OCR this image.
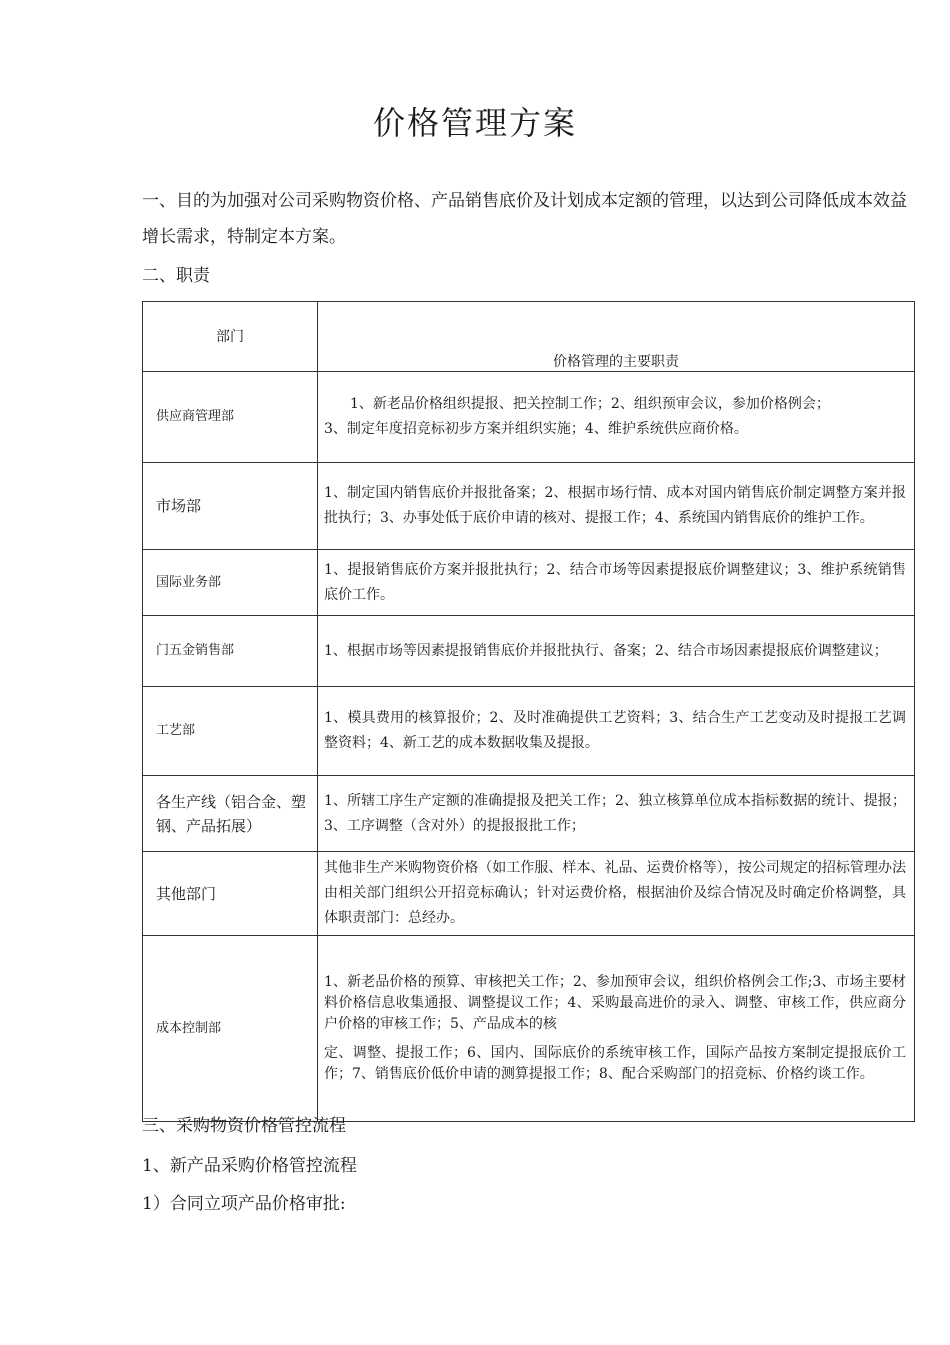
价格管理方案
一、目的为加强对公司采购物资价格、产品销售底价及计划成本定额的管理，以达到公司降低成本效益增长需求，特制定本方案。
二、职责
部门	价格管理的主要职责
供应商管理部	1、新老品价格组织提报、把关控制工作；2、组织预审会议，参加价格例会；
3、制定年度招竞标初步方案并组织实施；4、维护系统供应商价格。

市场部	1、制定国内销售底价并报批备案；2、根据市场行情、成本对国内销售底价制定调整方案并报批执行；3、办事处低于底价申请的核对、提报工作；4、系统国内销售底价的维护工作。
国际业务部	1、提报销售底价方案并报批执行；2、结合市场等因素提报底价调整建议；3、维护系统销售底价工作。
门五金销售部	1、根据市场等因素提报销售底价并报批执行、备案；2、结合市场因素提报底价调整建议；
工艺部	1、模具费用的核算报价；2、及时准确提供工艺资料；3、结合生产工艺变动及时提报工艺调整资料；4、新工艺的成本数据收集及提报。
各生产线（铝合金、塑钢、产品拓展）	1、所辖工序生产定额的准确提报及把关工作；2、独立核算单位成本指标数据的统计、提报；3、工序调整（含对外）的提报报批工作；
其他部门	其他非生产米购物资价格（如工作服、样本、礼品、运费价格等），按公司规定的招标管理办法由相关部门组织公开招竞标确认；针对运费价格，根据油价及综合情况及时确定价格调整，具体职责部门：总经办。
成本控制部	1、新老品价格的预算、审核把关工作；2、参加预审会议，组织价格例会工作;3、市场主要材料价格信息收集通报、调整提议工作；4、采购最高进价的录入、调整、审核工作，供应商分户价格的审核工作；5、产品成本的核
定、调整、提报工作；6、国内、国际底价的系统审核工作，国际产品按方案制定提报底价工作；7、销售底价低价申请的测算提报工作；8、配合采购部门的招竞标、价格约谈工作。
三、采购物资价格管控流程
1、新产品采购价格管控流程
1）合同立项产品价格审批:
